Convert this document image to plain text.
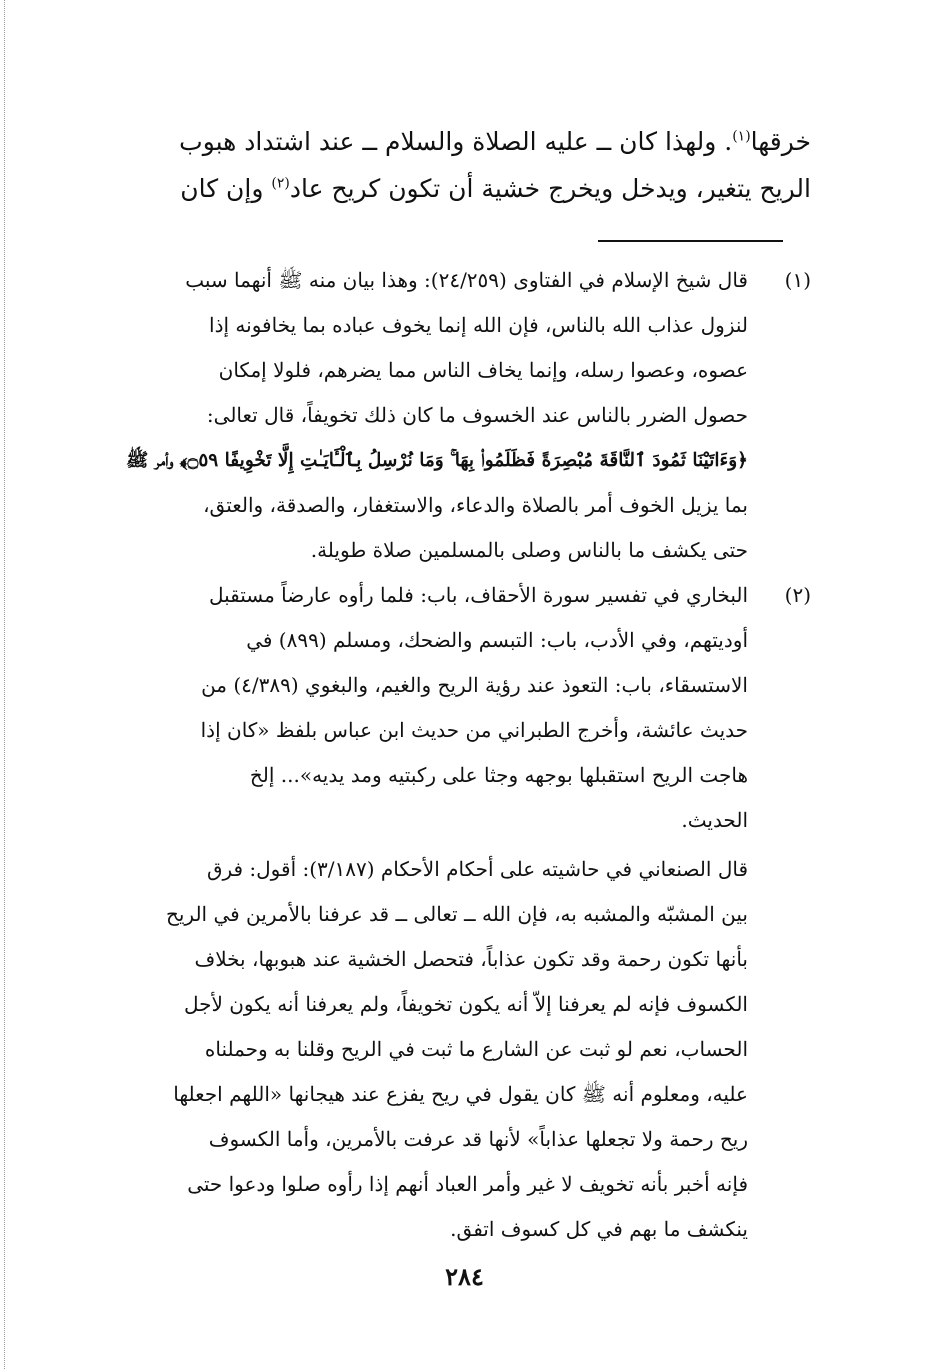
خرقها$^{(١)}$. ولهذا كان ــ عليه الصلاة والسلام ــ عند اشتداد هبوب

الريح يتغير، ويدخل ويخرج خشية أن تكون كريح عاد$^{(٢)}$ وإن كان

(١)
قال شيخ الإسلام في الفتاوى (٢٤/٢٥٩): وهذا بيان منه ﷺ أنهما سبب
لنزول عذاب الله بالناس، فإن الله إنما يخوف عباده بما يخافونه إذا
عصوه، وعصوا رسله، وإنما يخاف الناس مما يضرهم، فلولا إمكان
حصول الضرر بالناس عند الخسوف ما كان ذلك تخويفاً، قال تعالى:
﴿وَءَاتَيْنَا ثَمُودَ ٱلنَّاقَةَ مُبْصِرَةً فَظَلَمُوا۟ بِهَا ۚ وَمَا نُرْسِلُ بِٱلْـَٔايَـٰتِ إِلَّا تَخْوِيفًا ۝٥٩﴾ وأمر ﷺ
بما يزيل الخوف أمر بالصلاة والدعاء، والاستغفار، والصدقة، والعتق،
حتى يكشف ما بالناس وصلى بالمسلمين صلاة طويلة.
(٢)
البخاري في تفسير سورة الأحقاف، باب: فلما رأوه عارضاً مستقبل
أوديتهم، وفي الأدب، باب: التبسم والضحك، ومسلم (٨٩٩) في
الاستسقاء، باب: التعوذ عند رؤية الريح والغيم، والبغوي (٤/٣٨٩) من
حديث عائشة، وأخرج الطبراني من حديث ابن عباس بلفظ «كان إذا
هاجت الريح استقبلها بوجهه وجثا على ركبتيه ومد يديه»... إلخ
الحديث.
قال الصنعاني في حاشيته على أحكام الأحكام (٣/١٨٧): أقول: فرق
بين المشبّه والمشبه به، فإن الله ــ تعالى ــ قد عرفنا بالأمرين في الريح
بأنها تكون رحمة وقد تكون عذاباً، فتحصل الخشية عند هبوبها، بخلاف
الكسوف فإنه لم يعرفنا إلاّ أنه يكون تخويفاً، ولم يعرفنا أنه يكون لأجل
الحساب، نعم لو ثبت عن الشارع ما ثبت في الريح وقلنا به وحملناه
عليه، ومعلوم أنه ﷺ كان يقول في ريح يفزع عند هيجانها «اللهم اجعلها
ريح رحمة ولا تجعلها عذاباً» لأنها قد عرفت بالأمرين، وأما الكسوف
فإنه أخبر بأنه تخويف لا غير وأمر العباد أنهم إذا رأوه صلوا ودعوا حتى
ينكشف ما بهم في كل كسوف اتفق.
٢٨٤
